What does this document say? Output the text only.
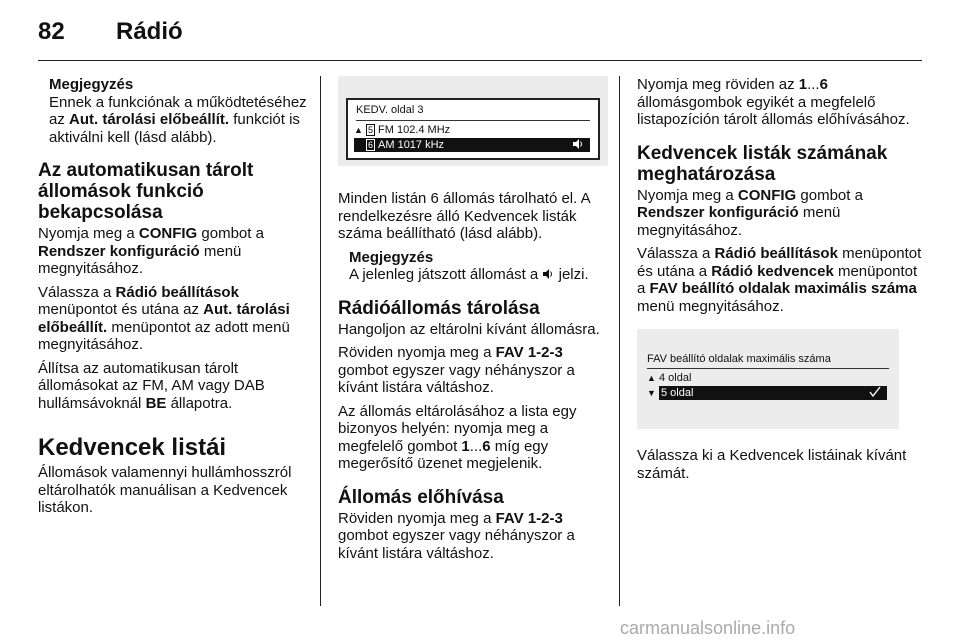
82 Rádió

Megjegyzés
Ennek a funkciónak a működtetéséhez az Aut. tárolási előbeállít. funkciót is aktiválni kell (lásd alább).

Az automatikusan tárolt állomások funkció bekapcsolása

Nyomja meg a CONFIG gombot a Rendszer konfiguráció menü megnyitásához.

Válassza a Rádió beállítások menüpontot és utána az Aut. tárolási előbeállít. menüpontot az adott menü megnyitásához.

Állítsa az automatikusan tárolt állomásokat az FM, AM vagy DAB hullámsávoknál BE állapotra.

Kedvencek listái

Állomások valamennyi hullámhosszról eltárolhatók manuálisan a Kedvencek listákon.

KEDV. oldal 3
▲ 5 FM 102.4 MHz
6 AM 1017 kHz

Minden listán 6 állomás tárolható el. A rendelkezésre álló Kedvencek listák száma beállítható (lásd alább).

Megjegyzés
A jelenleg játszott állomást a  jelzi.

Rádióállomás tárolása

Hangoljon az eltárolni kívánt állomásra.

Röviden nyomja meg a FAV 1-2-3 gombot egyszer vagy néhányszor a kívánt listára váltáshoz.

Az állomás eltárolásához a lista egy bizonyos helyén: nyomja meg a megfelelő gombot 1...6 míg egy megerősítő üzenet megjelenik.

Állomás előhívása

Röviden nyomja meg a FAV 1-2-3 gombot egyszer vagy néhányszor a kívánt listára váltáshoz.

Nyomja meg röviden az 1...6 állomásgombok egyikét a megfelelő listapozíción tárolt állomás előhívásához.

Kedvencek listák számának meghatározása

Nyomja meg a CONFIG gombot a Rendszer konfiguráció menü megnyitásához.

Válassza a Rádió beállítások menüpontot és utána a Rádió kedvencek menüpontot a FAV beállító oldalak maximális száma menü megnyitásához.

FAV beállító oldalak maximális száma
▲ 4 oldal
▼ 5 oldal

Válassza ki a Kedvencek listáinak kívánt számát.

carmanualsonline.info
